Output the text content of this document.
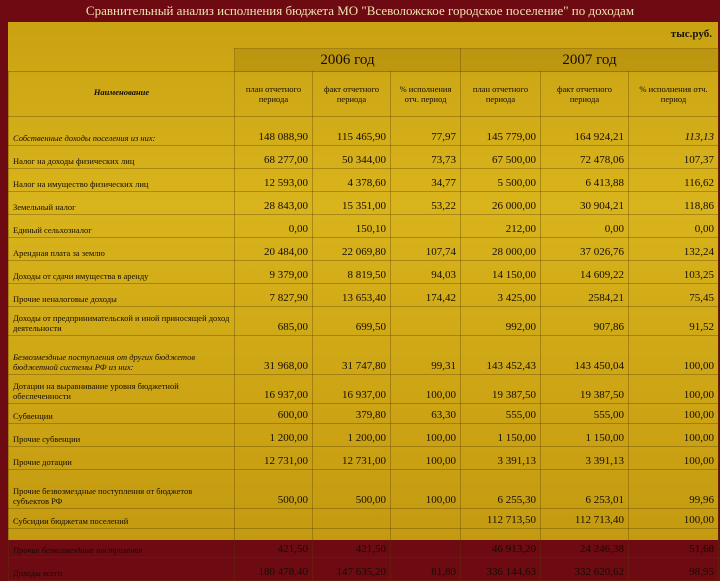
Сравнительный анализ исполнения бюджета МО "Всеволожское городское поселение" по доходам
тыс.руб.
	2006 год			2007 год		
Наименование	план отчетного периода	факт отчетного периода	% исполнения отч. период	план отчетного периода	факт отчетного периода	% исполнения отч. период
Собственные доходы поселения из них:	148 088,90	115 465,90	77,97	145 779,00	164 924,21	113,13
Налог на доходы физических лиц	68 277,00	50 344,00	73,73	67 500,00	72 478,06	107,37
Налог на имущество физических лиц	12 593,00	4 378,60	34,77	5 500,00	6 413,88	116,62
Земельный налог	28 843,00	15 351,00	53,22	26 000,00	30 904,21	118,86
Единый сельхозналог	0,00	150,10		212,00	0,00	0,00
Арендная плата за землю	20 484,00	22 069,80	107,74	28 000,00	37 026,76	132,24
Доходы от сдачи имущества в аренду	9 379,00	8 819,50	94,03	14 150,00	14 609,22	103,25
Прочие неналоговые доходы	7 827,90	13 653,40	174,42	3 425,00	2584,21	75,45
Доходы от предпринимательской и иной приносящей доход деятельности	685,00	699,50		992,00	907,86	91,52
Безвозмездные поступления от других бюджетов бюджетной системы РФ из них:	31 968,00	31 747,80	99,31	143 452,43	143 450,04	100,00
Дотации на выравнивание уровня бюджетной обеспеченности	16 937,00	16 937,00	100,00	19 387,50	19 387,50	100,00
Субвенции	600,00	379,80	63,30	555,00	555,00	100,00
Прочие субвенции	1 200,00	1 200,00	100,00	1 150,00	1 150,00	100,00
Прочие дотации	12 731,00	12 731,00	100,00	3 391,13	3 391,13	100,00
Прочие безвозмездные поступления от бюджетов субъектов РФ	500,00	500,00	100,00	6 255,30	6 253,01	99,96
Субсидии бюджетам поселений				112 713,50	112 713,40	100,00
Прочие безвозмездные поступления	421,50	421,50		46 913,20	24 246,38	51,68
Доходы всего	180 478,40	147 635,20	81,80	336 144,63	332 620,62	98,95
